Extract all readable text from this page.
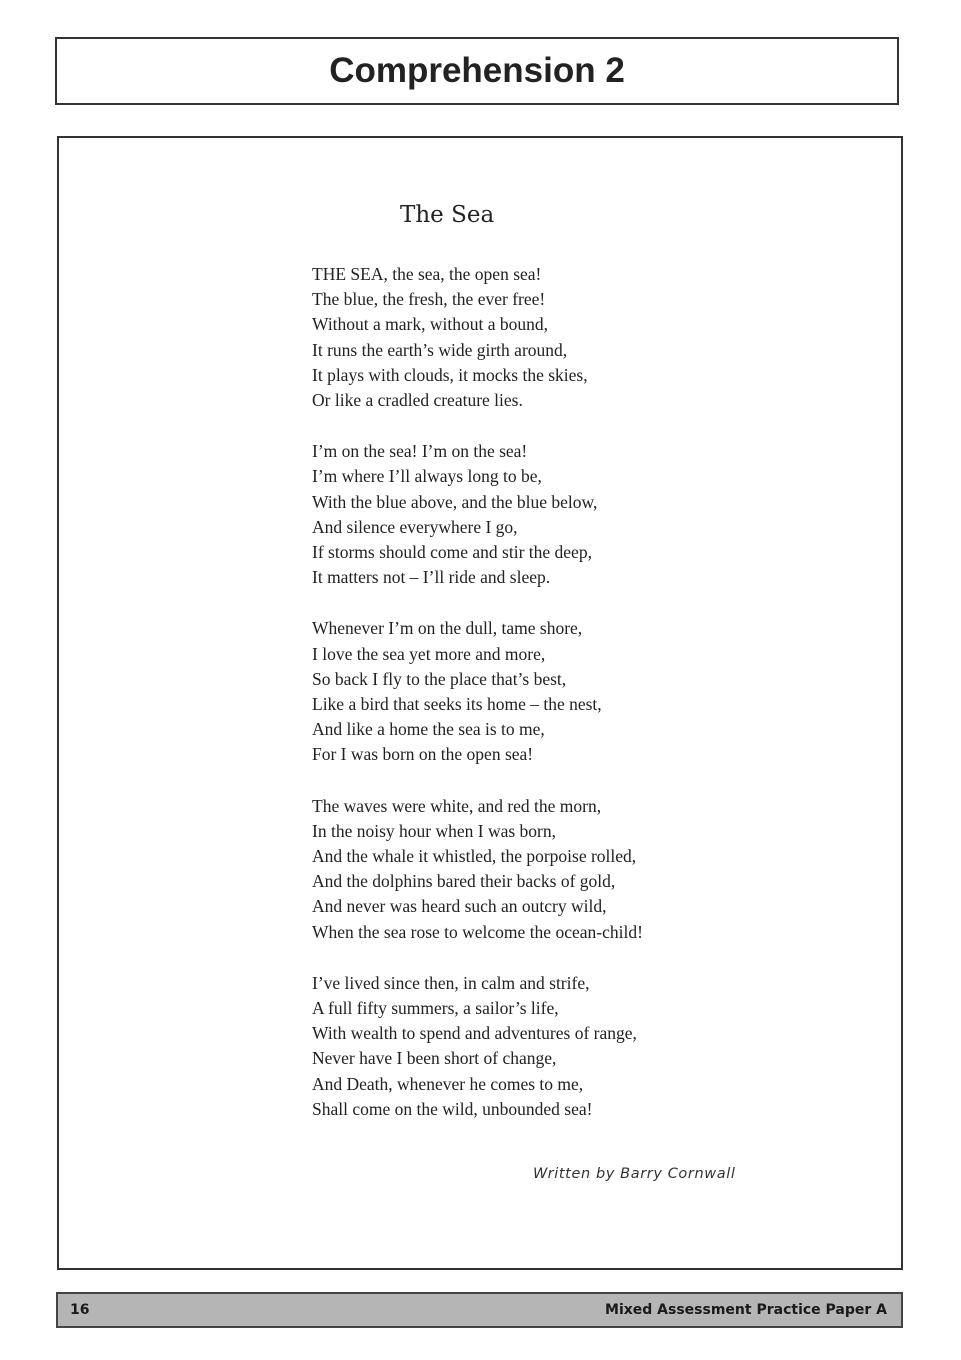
Comprehension 2
The Sea
THE SEA, the sea, the open sea!
The blue, the fresh, the ever free!
Without a mark, without a bound,
It runs the earth’s wide girth around,
It plays with clouds, it mocks the skies,
Or like a cradled creature lies.
I’m on the sea! I’m on the sea!
I’m where I’ll always long to be,
With the blue above, and the blue below,
And silence everywhere I go,
If storms should come and stir the deep,
It matters not – I’ll ride and sleep.
Whenever I’m on the dull, tame shore,
I love the sea yet more and more,
So back I fly to the place that’s best,
Like a bird that seeks its home – the nest,
And like a home the sea is to me,
For I was born on the open sea!
The waves were white, and red the morn,
In the noisy hour when I was born,
And the whale it whistled, the porpoise rolled,
And the dolphins bared their backs of gold,
And never was heard such an outcry wild,
When the sea rose to welcome the ocean-child!
I’ve lived since then, in calm and strife,
A full fifty summers, a sailor’s life,
With wealth to spend and adventures of range,
Never have I been short of change,
And Death, whenever he comes to me,
Shall come on the wild, unbounded sea!
Written by Barry Cornwall
16	Mixed Assessment Practice Paper A
